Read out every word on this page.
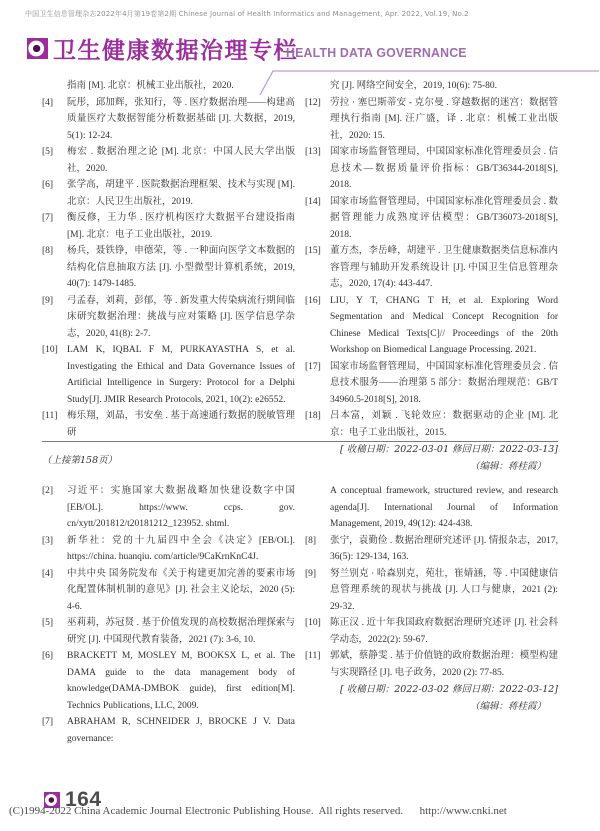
中国卫生信息管理杂志2022年4月第19卷第2期 Chinese Journal of Health Informatics and Management, Apr. 2022, Vol.19, No.2
卫生健康数据治理专栏
HEALTH DATA GOVERNANCE
指南 [M]. 北京：机械工业出版社，2020.
[4]	阮彤，邱加辉，张知行，等 . 医疗数据治理——构建高质量医疗大数据智能分析数据基础 [J]. 大数据，2019, 5(1): 12-24.
[5]	梅宏 . 数据治理之论 [M]. 北京：中国人民大学出版社，2020.
[6]	张学高，胡建平 . 医院数据治理框架、技术与实现 [M]. 北京：人民卫生出版社，2019.
[7]	衡反修，王力华 . 医疗机构医疗大数据平台建设指南 [M]. 北京：电子工业出版社，2019.
[8]	杨兵，聂铁铮，申德荣，等 . 一种面向医学文本数据的结构化信息抽取方法 [J]. 小型微型计算机系统，2019, 40(7): 1479-1485.
[9]	弓孟春，刘莉，彭郁，等 . 新发重大传染病流行期间临床研究数据治理：挑战与应对策略 [J]. 医学信息学杂志，2020, 41(8): 2-7.
[10] LAM K, IQBAL F M, PURKAYASTHA S, et al. Investigating the Ethical and Data Governance Issues of Artificial Intelligence in Surgery: Protocol for a Delphi Study[J]. JMIR Research Protocols, 2021, 10(2): e26552.
[11]	梅乐翔，刘晶，韦安垒 . 基于高速通行数据的脱敏管理研
究 [J]. 网络空间安全，2019, 10(6): 75-80.
[12] 劳拉 · 塞巴斯蒂安 - 克尔曼 . 穿越数据的迷宫：数据管理执行指南 [M]. 汪广盛，译 . 北京：机械工业出版社，2020: 15.
[13] 国家市场监督管理局，中国国家标准化管理委员会 . 信息技术—数据质量评价指标：GB/T36344-2018[S], 2018.
[14] 国家市场监督管理局，中国国家标准化管理委员会 . 数据管理能力成熟度评估模型：GB/T36073-2018[S], 2018.
[15] 董方杰，李岳峰，胡建平 . 卫生健康数据类信息标准内容管理与辅助开发系统设计 [J]. 中国卫生信息管理杂志，2020, 17(4): 443-447.
[16] LIU, Y T, CHANG T H, et al. Exploring Word Segmentation and Medical Concept Recognition for Chinese Medical Texts[C]// Proceedings of the 20th Workshop on Biomedical Language Processing. 2021.
[17] 国家市场监督管理局，中国国家标准化管理委员会 . 信息技术服务——治理第 5 部分：数据治理规范：GB/T 34960.5-2018[S], 2018.
[18] 吕本富，刘颖 . 飞轮效应：数据驱动的企业 [M]. 北京：电子工业出版社，2015.
[ 收稿日期：2022-03-01 修回日期：2022-03-13]
（编辑：蒋桂霞）
（上接第158页）
[2]	习近平：实施国家大数据战略加快建设数字中国 [EB/OL]. https://www. ccps. gov. cn/xytt/201812/t20181212_123952. shtml.
[3]	新华社：党的十九届四中全会《决定》[EB/OL]. https://china. huanqiu. com/article/9CaKrnKnC4J.
[4]	中共中央 国务院发布《关于构建更加完善的要素市场化配置体制机制的意见》[J]. 社会主义论坛，2020 (5): 4-6.
[5]	巫莉莉，苏冠贤 . 基于价值发现的高校数据治理探索与研究 [J]. 中国现代教育装备，2021 (7): 3-6, 10.
[6]	BRACKETT M, MOSLEY M, BOOKSX L, et al. The DAMA guide to the data management body of knowledge(DAMA-DMBOK guide), first edition[M]. Technics Publications, LLC, 2009.
[7]	ABRAHAM R, SCHNEIDER J, BROCKE J V. Data governance:
A conceptual framework, structured review, and research agenda[J]. International Journal of Information Management, 2019, 49(12): 424-438.
[8]	张宁，袁勤俭 . 数据治理研究述评 [J]. 情报杂志，2017, 36(5): 129-134, 163.
[9]	努兰别克 · 哈森别克，苑壮，崔婧涵，等 . 中国健康信息管理系统的现状与挑战 [J]. 人口与健康，2021 (2): 29-32.
[10] 陈正汉 . 近十年我国政府数据治理研究述评 [J]. 社会科学动态，2022(2): 59-67.
[11]	郭斌，蔡静雯 . 基于价值链的政府数据治理：模型构建与实现路径 [J]. 电子政务，2020 (2): 77-85.
[ 收稿日期：2022-03-02 修回日期：2022-03-12]
（编辑：蒋桂霞）
164
(C)1994-2022 China Academic Journal Electronic Publishing House.  All rights reserved.      http://www.cnki.net
